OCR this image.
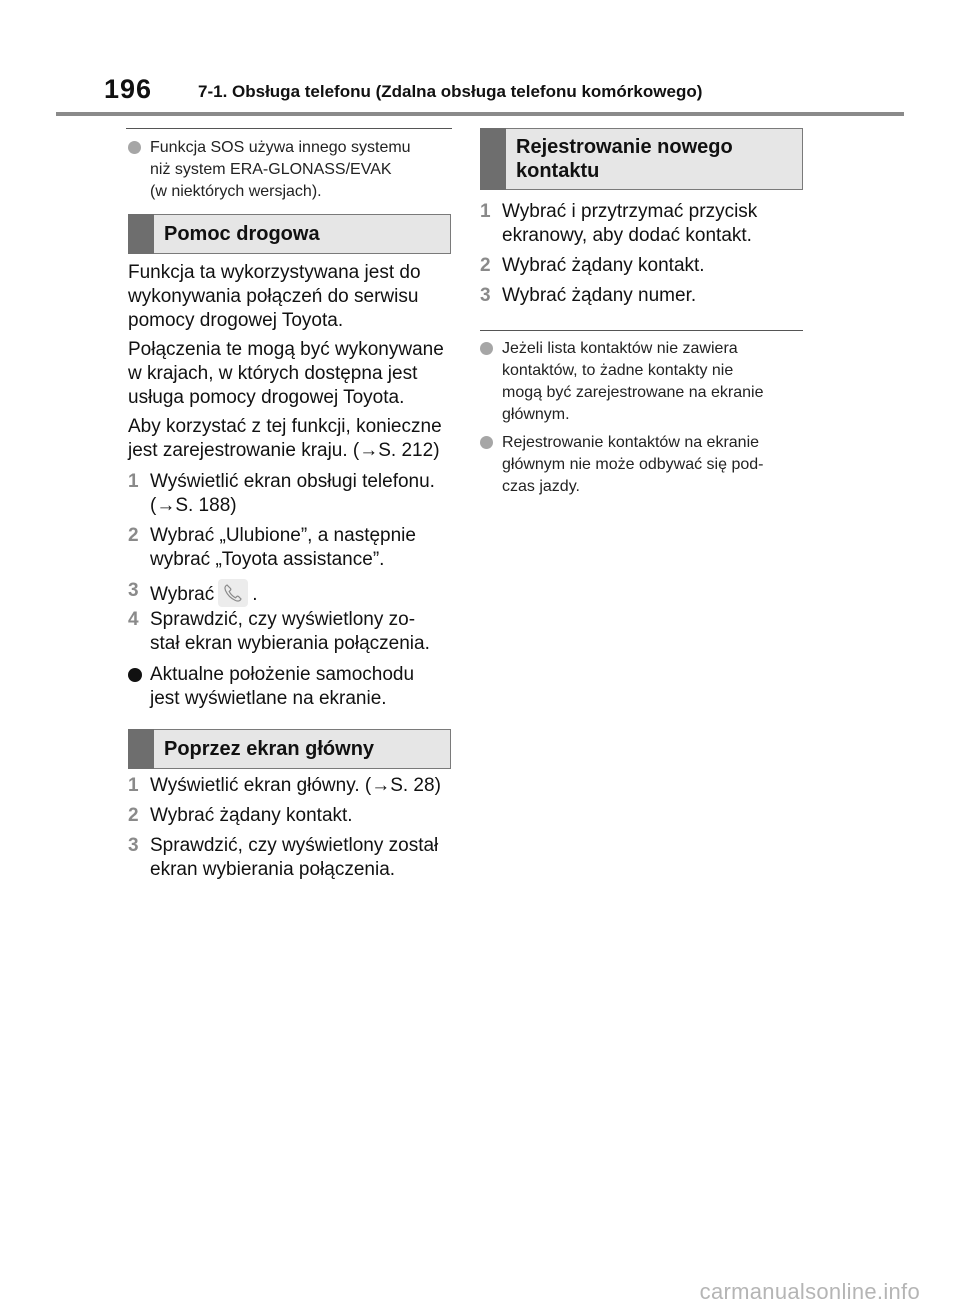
196	7-1. Obsługa telefonu (Zdalna obsługa telefonu komórkowego)
Funkcja SOS używa innego systemu
niż system ERA-GLONASS/EVAK
(w niektórych wersjach).
Pomoc drogowa
Funkcja ta wykorzystywana jest do
wykonywania połączeń do serwisu
pomocy drogowej Toyota.
Połączenia te mogą być wykonywane
w krajach, w których dostępna jest
usługa pomocy drogowej Toyota.
Aby korzystać z tej funkcji, konieczne
jest zarejestrowanie kraju. (→S. 212)
1 Wyświetlić ekran obsługi telefonu.
(→S. 188)
2 Wybrać „Ulubione”, a następnie
wybrać „Toyota assistance”.
3 Wybrać .
4 Sprawdzić, czy wyświetlony zo-
stał ekran wybierania połączenia.
Aktualne położenie samochodu
jest wyświetlane na ekranie.
Poprzez ekran główny
1 Wyświetlić ekran główny. (→S. 28)
2 Wybrać żądany kontakt.
3 Sprawdzić, czy wyświetlony został
ekran wybierania połączenia.
Rejestrowanie nowego
kontaktu
1 Wybrać i przytrzymać przycisk
ekranowy, aby dodać kontakt.
2 Wybrać żądany kontakt.
3 Wybrać żądany numer.
Jeżeli lista kontaktów nie zawiera
kontaktów, to żadne kontakty nie
mogą być zarejestrowane na ekranie
głównym.
Rejestrowanie kontaktów na ekranie
głównym nie może odbywać się pod-
czas jazdy.
carmanualsonline.info
